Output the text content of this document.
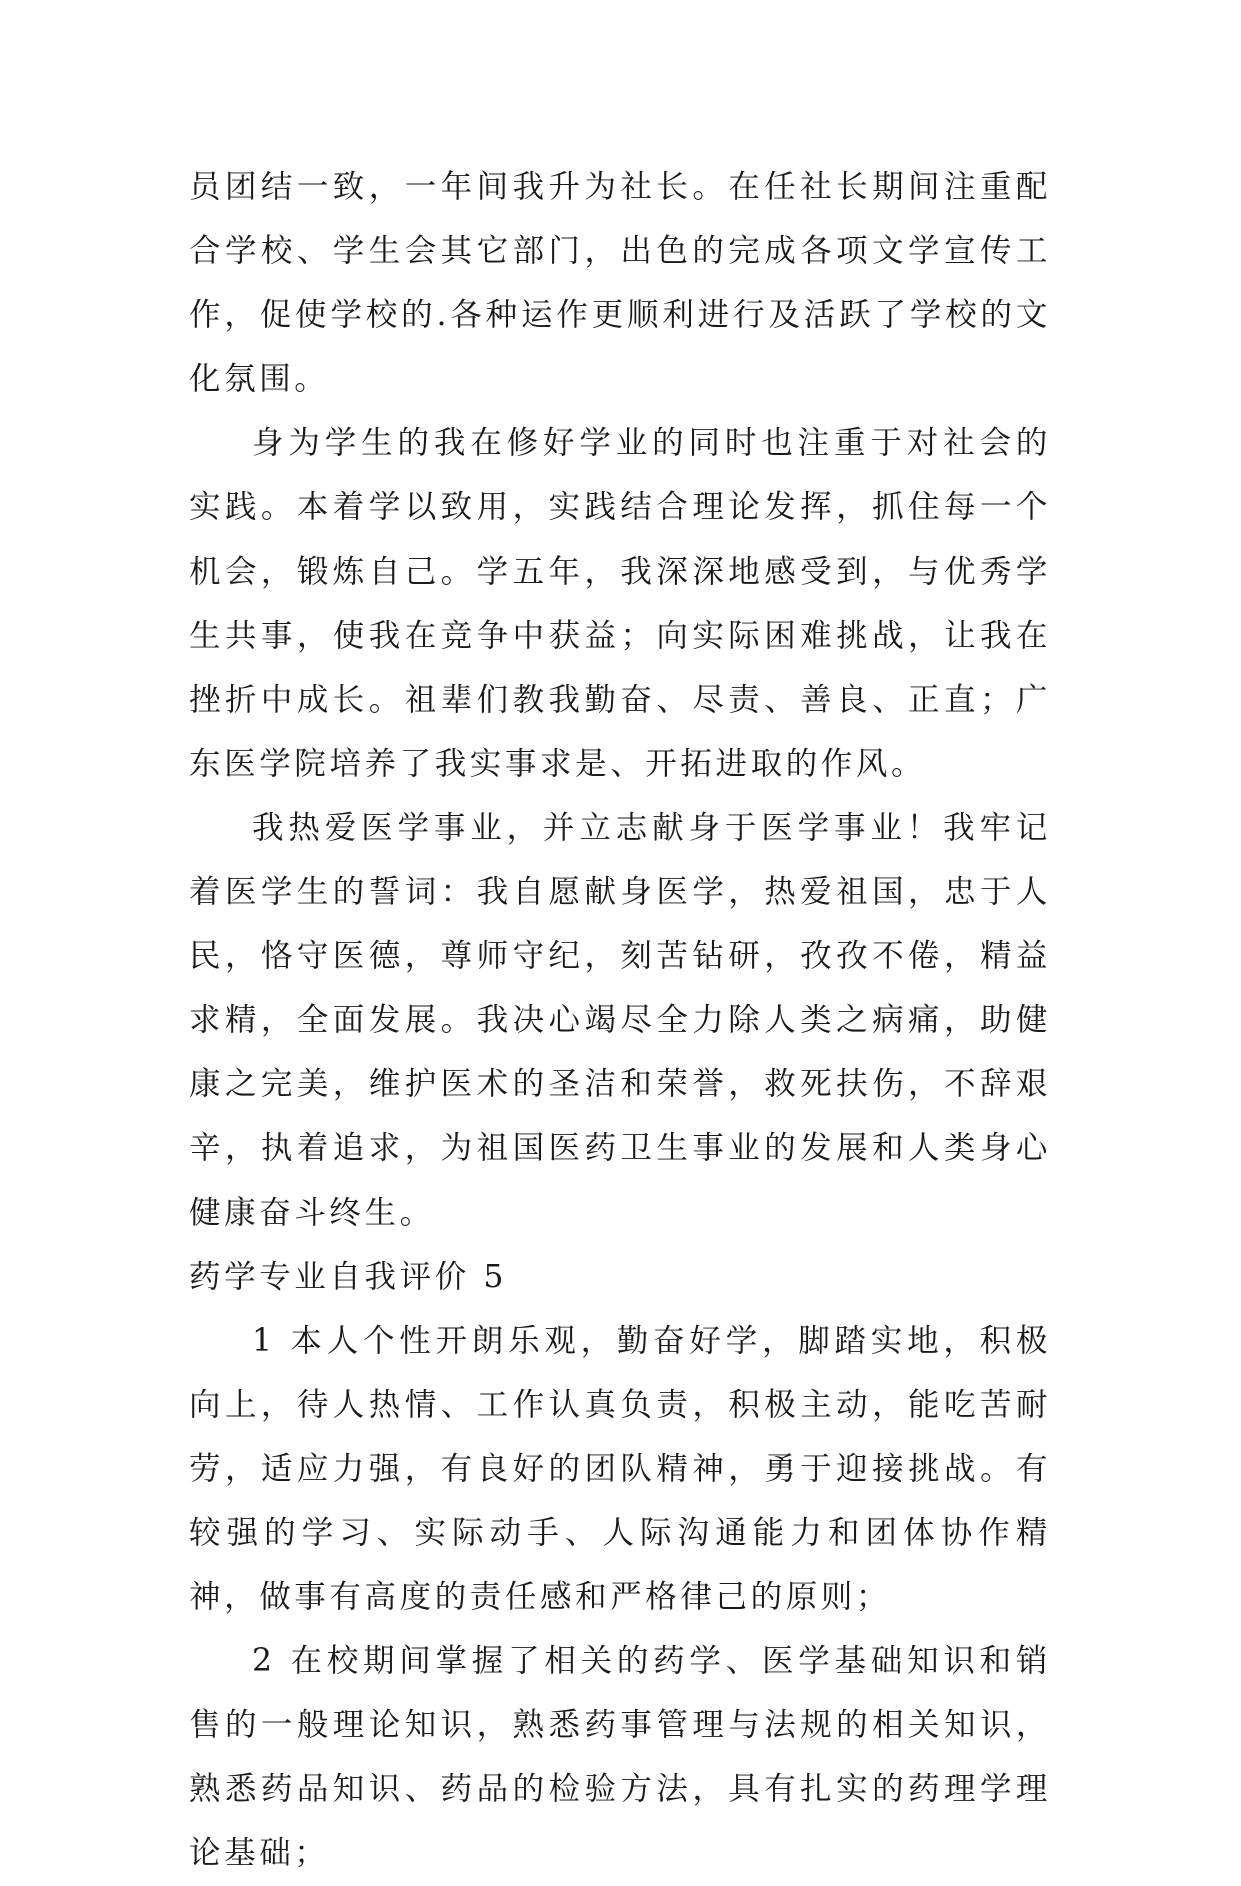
员团结一致，一年间我升为社长。在任社长期间注重配合学校、学生会其它部门，出色的完成各项文学宣传工作，促使学校的.各种运作更顺利进行及活跃了学校的文化氛围。

身为学生的我在修好学业的同时也注重于对社会的实践。本着学以致用，实践结合理论发挥，抓住每一个机会，锻炼自己。学五年，我深深地感受到，与优秀学生共事，使我在竞争中获益；向实际困难挑战，让我在挫折中成长。祖辈们教我勤奋、尽责、善良、正直；广东医学院培养了我实事求是、开拓进取的作风。

我热爱医学事业，并立志献身于医学事业！我牢记着医学生的誓词：我自愿献身医学，热爱祖国，忠于人民，恪守医德，尊师守纪，刻苦钻研，孜孜不倦，精益求精，全面发展。我决心竭尽全力除人类之病痛，助健康之完美，维护医术的圣洁和荣誉，救死扶伤，不辞艰辛，执着追求，为祖国医药卫生事业的发展和人类身心健康奋斗终生。

药学专业自我评价 5

1 本人个性开朗乐观，勤奋好学，脚踏实地，积极向上，待人热情、工作认真负责，积极主动，能吃苦耐劳，适应力强，有良好的团队精神，勇于迎接挑战。有较强的学习、实际动手、人际沟通能力和团体协作精神，做事有高度的责任感和严格律己的原则；

2 在校期间掌握了相关的药学、医学基础知识和销售的一般理论知识，熟悉药事管理与法规的相关知识，熟悉药品知识、药品的检验方法，具有扎实的药理学理论基础；
